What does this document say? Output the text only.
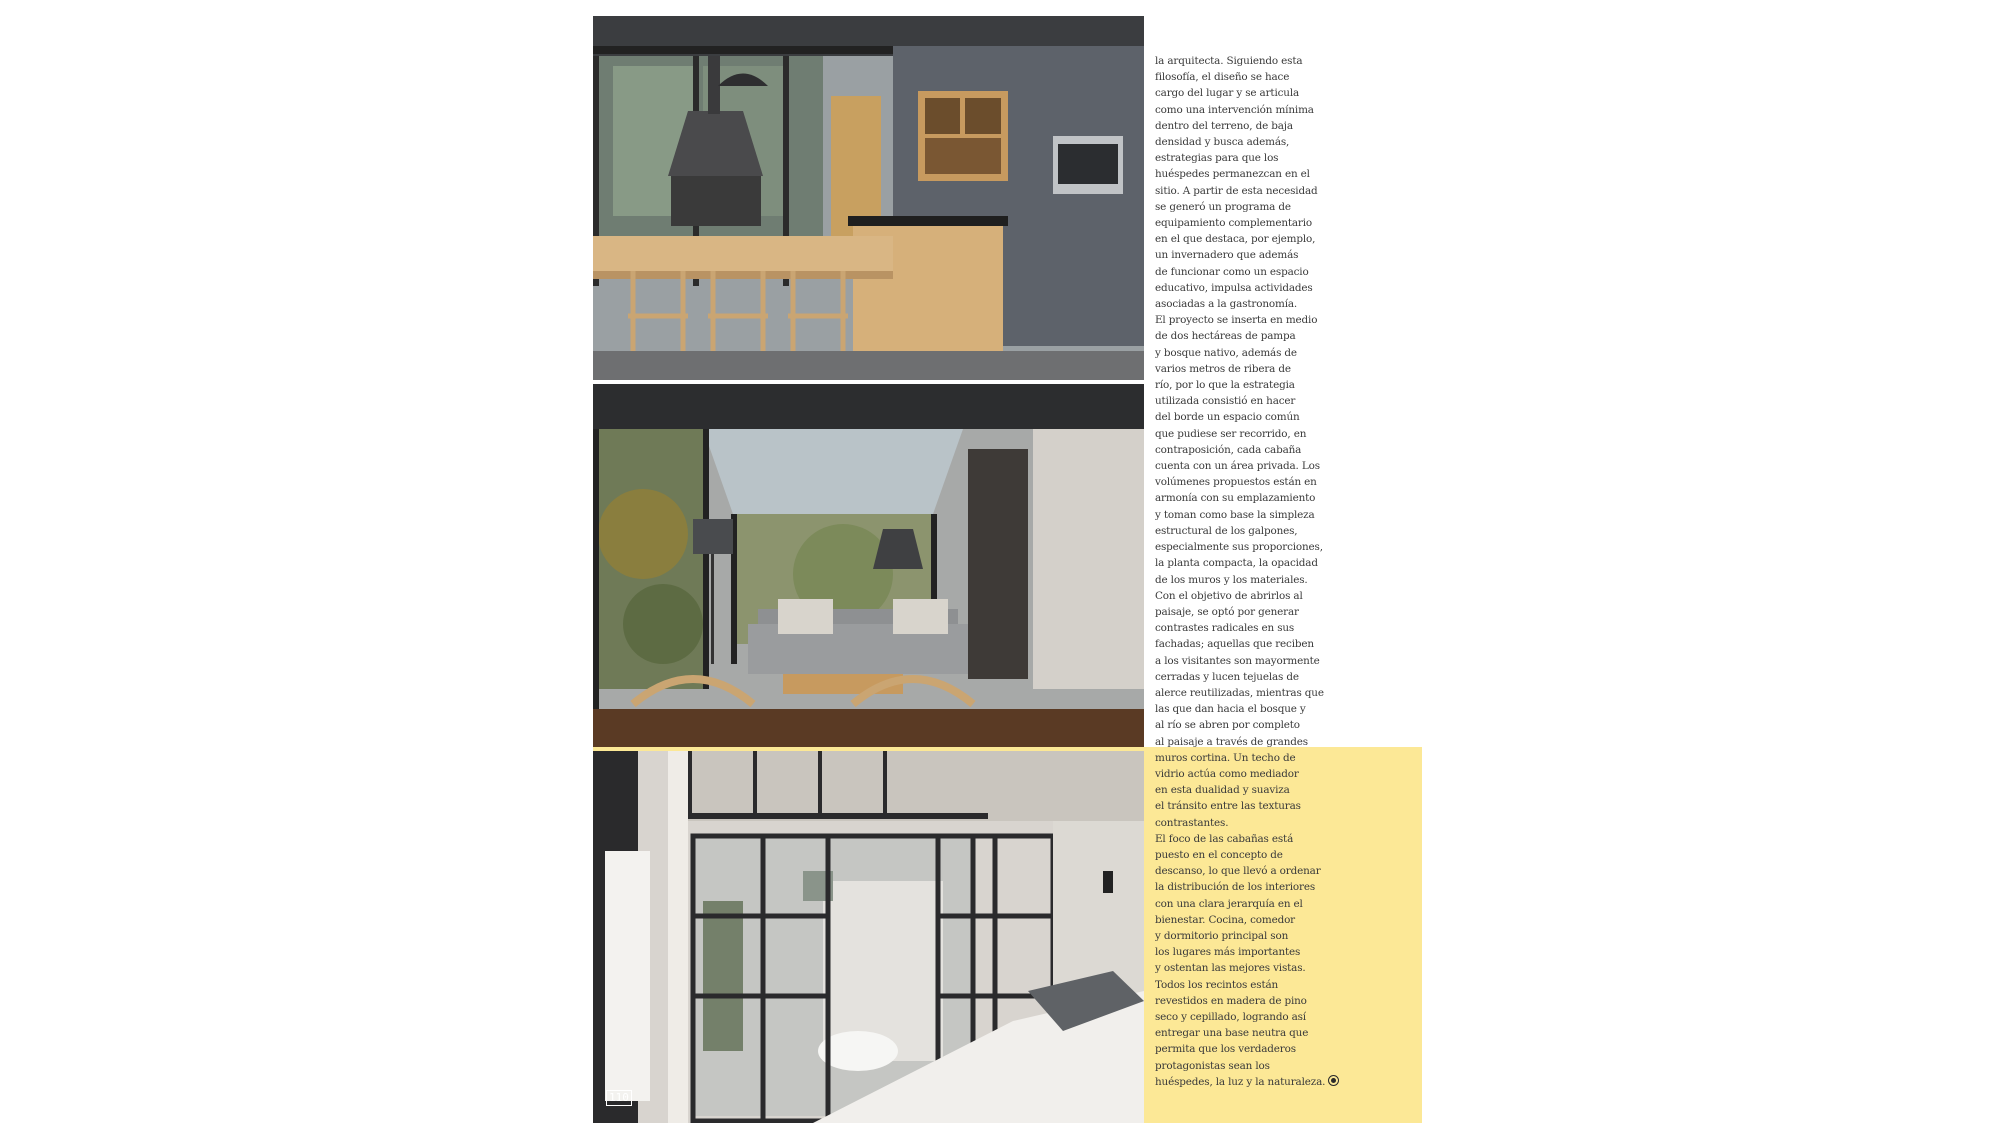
110
la arquitecta. Siguiendo esta
filosofía, el diseño se hace
cargo del lugar y se articula
como una intervención mínima
dentro del terreno, de baja
densidad y busca además,
estrategias para que los
huéspedes permanezcan en el
sitio. A partir de esta necesidad
se generó un programa de
equipamiento complementario
en el que destaca, por ejemplo,
un invernadero que además
de funcionar como un espacio
educativo, impulsa actividades
asociadas a la gastronomía.
El proyecto se inserta en medio
de dos hectáreas de pampa
y bosque nativo, además de
varios metros de ribera de
río, por lo que la estrategia
utilizada consistió en hacer
del borde un espacio común
que pudiese ser recorrido, en
contraposición, cada cabaña
cuenta con un área privada. Los
volúmenes propuestos están en
armonía con su emplazamiento
y toman como base la simpleza
estructural de los galpones,
especialmente sus proporciones,
la planta compacta, la opacidad
de los muros y los materiales.
Con el objetivo de abrirlos al
paisaje, se optó por generar
contrastes radicales en sus
fachadas; aquellas que reciben
a los visitantes son mayormente
cerradas y lucen tejuelas de
alerce reutilizadas, mientras que
las que dan hacia el bosque y
al río se abren por completo
al paisaje a través de grandes
muros cortina. Un techo de
vidrio actúa como mediador
en esta dualidad y suaviza
el tránsito entre las texturas
contrastantes.
El foco de las cabañas está
puesto en el concepto de
descanso, lo que llevó a ordenar
la distribución de los interiores
con una clara jerarquía en el
bienestar. Cocina, comedor
y dormitorio principal son
los lugares más importantes
y ostentan las mejores vistas.
Todos los recintos están
revestidos en madera de pino
seco y cepillado, logrando así
entregar una base neutra que
permita que los verdaderos
protagonistas sean los
huéspedes, la luz y la naturaleza.
